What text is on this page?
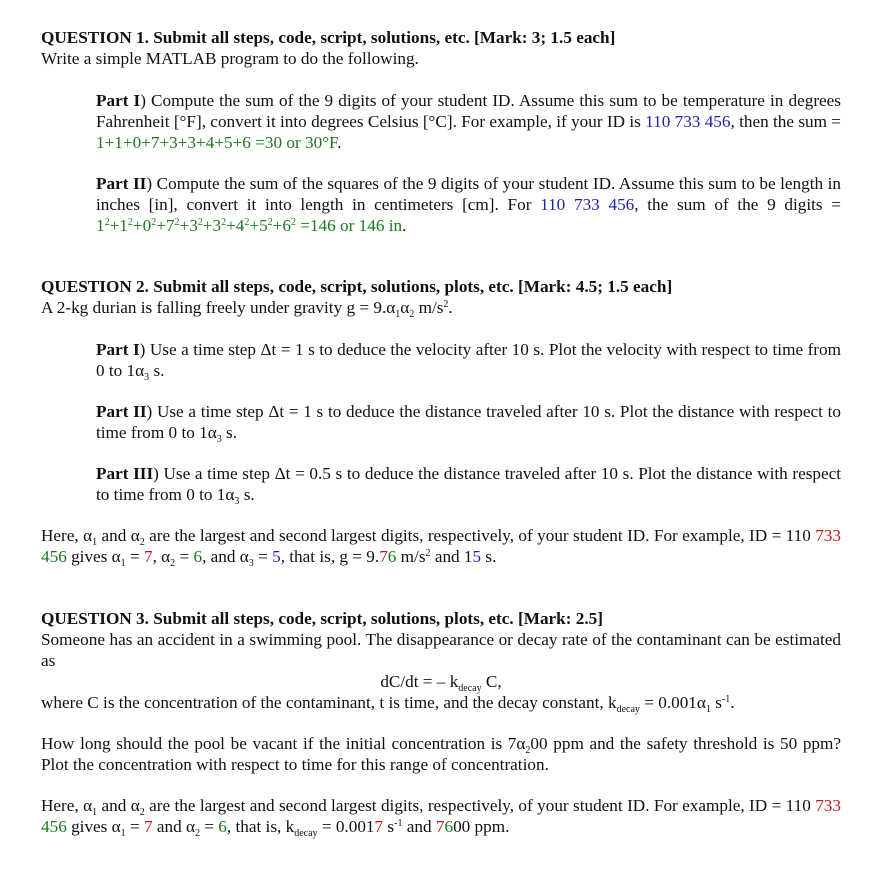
QUESTION 1. Submit all steps, code, script, solutions, etc. [Mark: 3; 1.5 each]
Write a simple MATLAB program to do the following.
Part I) Compute the sum of the 9 digits of your student ID. Assume this sum to be temperature in degrees Fahrenheit [°F], convert it into degrees Celsius [°C]. For example, if your ID is 110 733 456, then the sum = 1+1+0+7+3+3+4+5+6 =30 or 30°F.
Part II) Compute the sum of the squares of the 9 digits of your student ID. Assume this sum to be length in inches [in], convert it into length in centimeters [cm]. For 110 733 456, the sum of the 9 digits = $1^2+1^2+0^2+7^2+3^2+3^2+4^2+5^2+6^2 =146$ or 146 in.
QUESTION 2. Submit all steps, code, script, solutions, plots, etc. [Mark: 4.5; 1.5 each]
A 2-kg durian is falling freely under gravity $g = 9.\alpha_1\alpha_2$ $m/s^2$.
Part I) Use a time step Δt = 1 s to deduce the velocity after 10 s. Plot the velocity with respect to time from 0 to $1\alpha_3$ s.
Part II) Use a time step Δt = 1 s to deduce the distance traveled after 10 s. Plot the distance with respect to time from 0 to $1\alpha_3$ s.
Part III) Use a time step Δt = 0.5 s to deduce the distance traveled after 10 s. Plot the distance with respect to time from 0 to $1\alpha_3$ s.
Here, $\alpha_1$ and $\alpha_2$ are the largest and second largest digits, respectively, of your student ID. For example, ID = 110 733 456 gives $\alpha_1 = 7$, $\alpha_2 = 6$, and $\alpha_3 = 5$, that is, g = 9.76 $m/s^2$ and 15 s.
QUESTION 3. Submit all steps, code, script, solutions, plots, etc. [Mark: 2.5]
Someone has an accident in a swimming pool. The disappearance or decay rate of the contaminant can be estimated as
dC/dt = – $k_{decay}$ C,
where C is the concentration of the contaminant, t is time, and the decay constant, $k_{decay} = 0.001\alpha_1$ $s^{-1}$.
How long should the pool be vacant if the initial concentration is $7\alpha_200$ ppm and the safety threshold is 50 ppm? Plot the concentration with respect to time for this range of concentration.
Here, $\alpha_1$ and $\alpha_2$ are the largest and second largest digits, respectively, of your student ID. For example, ID = 110 733 456 gives $\alpha_1 = 7$ and $\alpha_2 = 6$, that is, $k_{decay} = 0.0017$ $s^{-1}$ and 7600 ppm.
